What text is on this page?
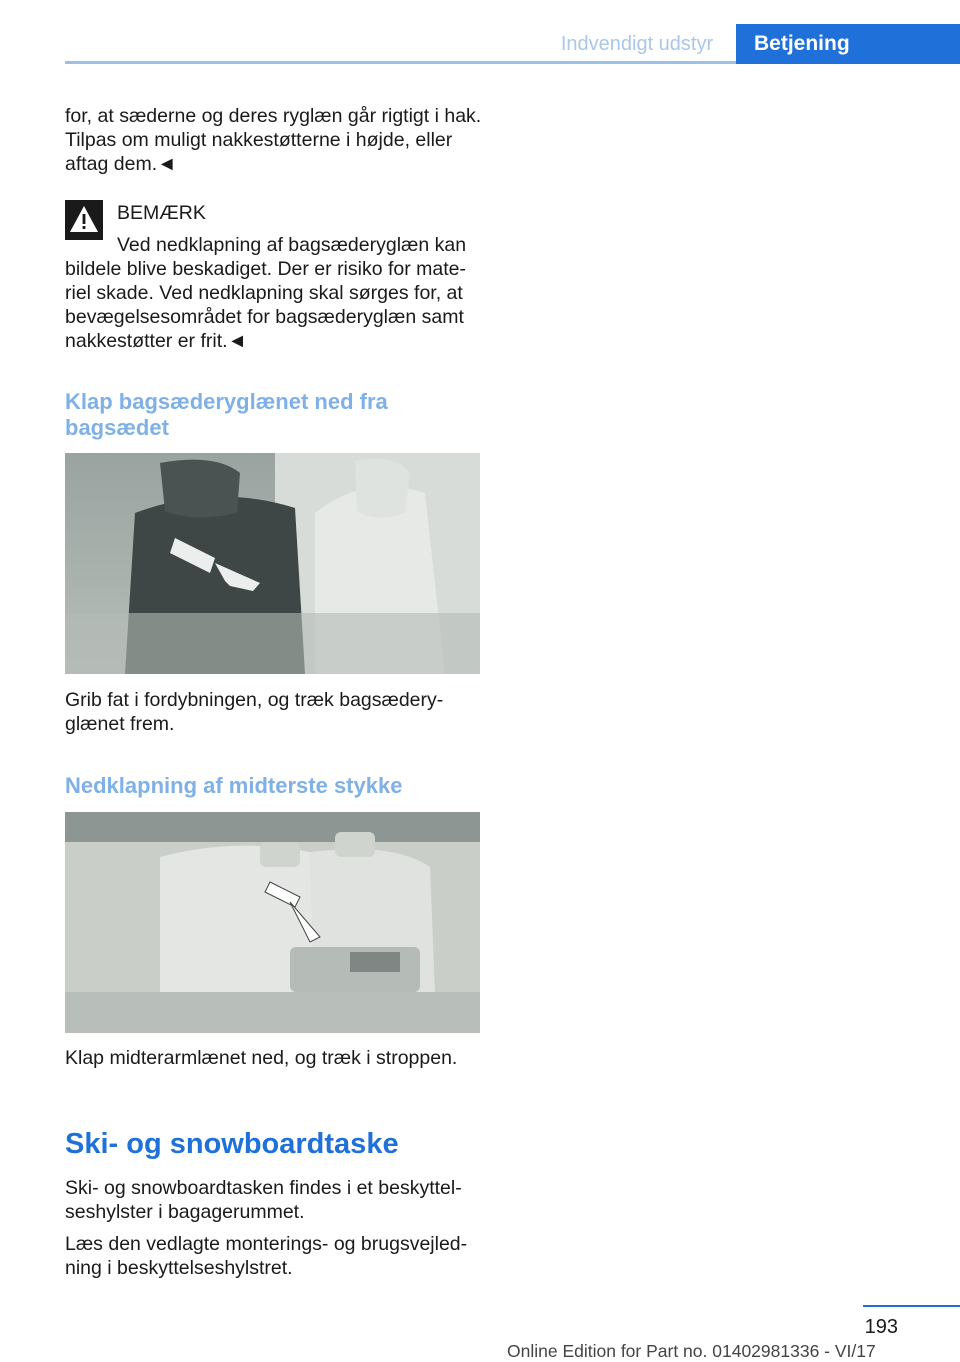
Indvendigt udstyr	Betjening
for, at sæderne og deres ryglæn går rigtigt i hak. Tilpas om muligt nakkestøtterne i højde, eller aftag dem.◄
BEMÆRK
Ved nedklapning af bagsæderyglæn kan bildele blive beskadiget. Der er risiko for mate-riel skade. Ved nedklapning skal sørges for, at bevægelsesområdet for bagsæderyglæn samt nakkestøtter er frit.◄
Klap bagsæderyglænet ned fra bagsædet
Grib fat i fordybningen, og træk bagsædery-glænet frem.
Nedklapning af midterste stykke
Klap midterarmlænet ned, og træk i stroppen.
Ski- og snowboardtaske
Ski- og snowboardtasken findes i et beskyttel-seshylster i bagagerummet.
Læs den vedlagte monterings- og brugsvejled-ning i beskyttelseshylstret.
193
Online Edition for Part no. 01402981336 - VI/17
